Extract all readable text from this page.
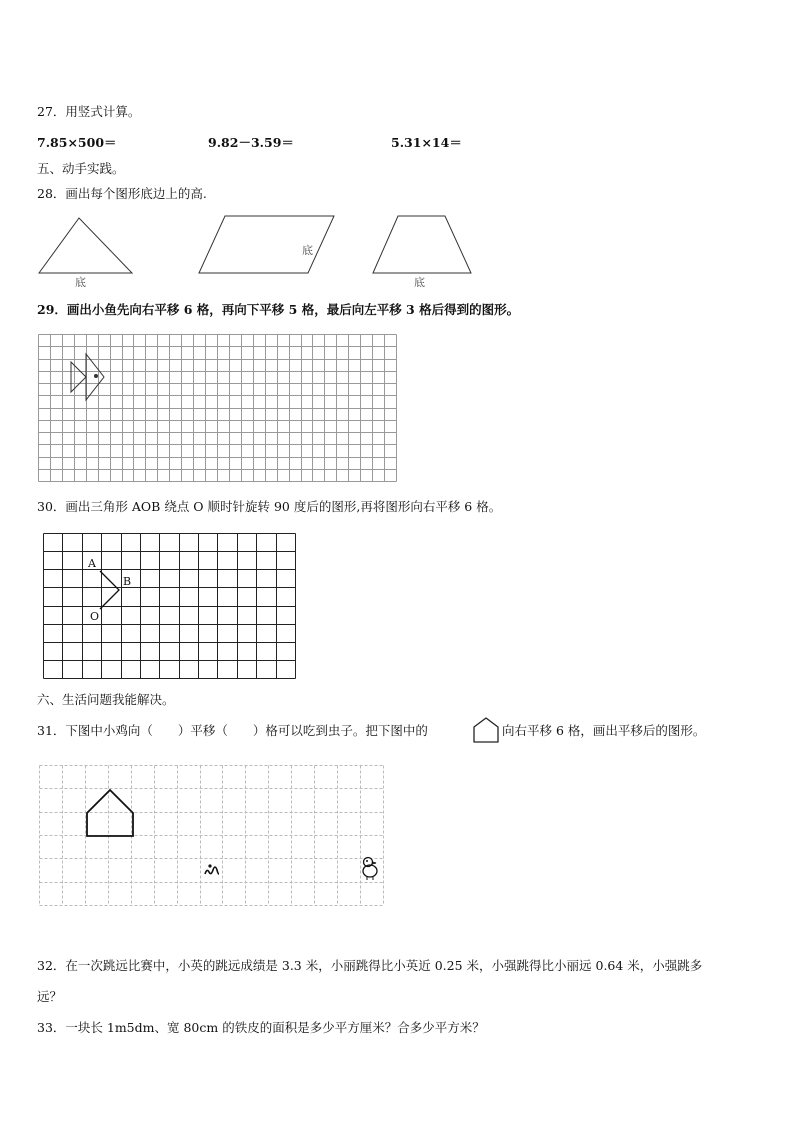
27．用竖式计算。
7.85×500＝	9.82－3.59＝	5.31×14＝
五、动手实践。
28．画出每个图形底边上的高.
底
底
底
29．画出小鱼先向右平移 6 格，再向下平移 5 格，最后向左平移 3 格后得到的图形。
30．画出三角形 AOB 绕点 O 顺时针旋转 90 度后的图形,再将图形向右平移 6 格。
A
B
O
六、生活问题我能解决。
31．下图中小鸡向（　　）平移（　　）格可以吃到虫子。把下图中的	向右平移 6 格，画出平移后的图形。
32．在一次跳远比赛中，小英的跳远成绩是 3.3 米，小丽跳得比小英近 0.25 米，小强跳得比小丽远 0.64 米，小强跳多
远？
33．一块长 1m5dm、宽 80cm 的铁皮的面积是多少平方厘米？合多少平方米？
